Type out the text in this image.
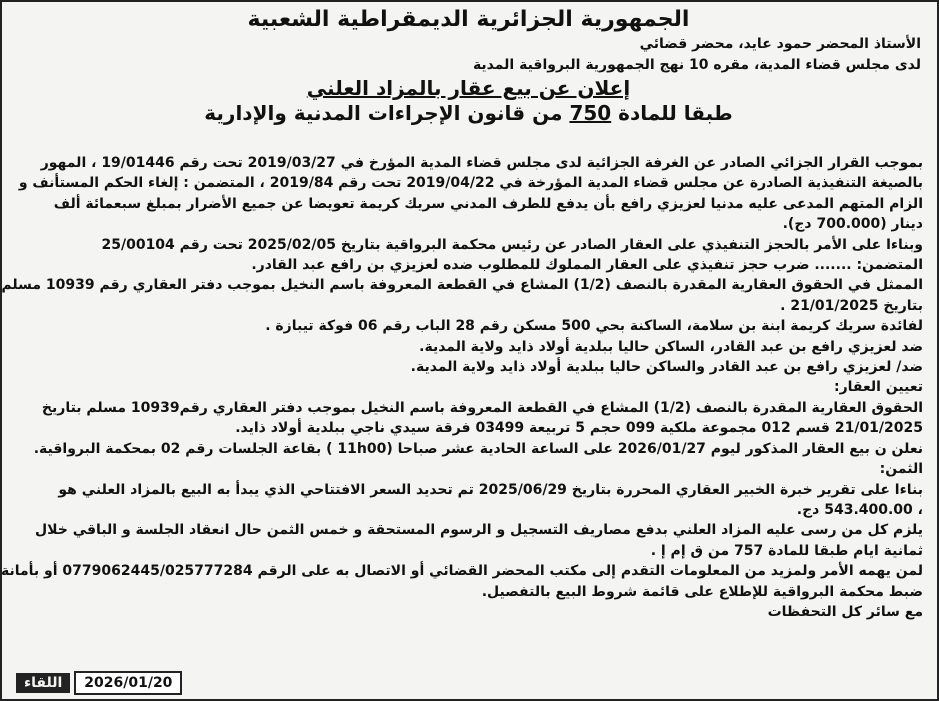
الجمهورية الجزائرية الديمقراطية الشعبية
الأستاذ المحضر حمود عايد، محضر قضائي
لدى مجلس قضاء المدية، مقره 10 نهج الجمهورية البرواقية المدية
إعلان عن بيع عقار بالمزاد العلني
طبقا للمادة 750 من قانون الإجراءات المدنية والإدارية
بموجب القرار الجزائي الصادر عن الغرفة الجزائية لدى مجلس قضاء المدية المؤرخ في 2019/03/27 تحت رقم 19/01446 ، المهور
بالصيغة التنفيذية الصادرة عن مجلس قضاء المدية المؤرخة في 2019/04/22 تحت رقم 2019/84 ، المتضمن : إلغاء الحكم المستأنف و
الزام المتهم المدعى عليه مدنيا لعزيزي رافع بأن يدفع للطرف المدني سريك كريمة تعويضا عن جميع الأضرار بمبلغ سبعمائة ألف
دينار (700.000 دج).
وبناءا على الأمر بالحجز التنفيذي على العقار الصادر عن رئيس محكمة البرواقية بتاريخ 2025/02/05 تحت رقم 25/00104
المتضمن: ....... ضرب حجز تنفيذي على العقار المملوك للمطلوب ضده لعزيزي بن رافع عبد القادر.
الممثل في الحقوق العقارية المقدرة بالنصف (1/2) المشاع في القطعة المعروفة باسم النخيل بموجب دفتر العقاري رقم 10939 مسلم
بتاريخ 21/01/2025 .
لفائدة سريك كريمة ابنة بن سلامة، الساكنة بحي 500 مسكن رقم 28 الباب رقم 06 فوكة تيبازة .
ضد لعزيزي رافع بن عبد القادر، الساكن حاليا ببلدية أولاد ذايد ولاية المدية.
ضد/ لعزيزي رافع بن عبد القادر والساكن حاليا ببلدية أولاد ذايد ولاية المدية.
تعيين العقار:
الحقوق العقارية المقدرة بالنصف (1/2) المشاع في القطعة المعروفة باسم النخيل بموجب دفتر العقاري رقم10939 مسلم بتاريخ
21/01/2025 قسم 012 مجموعة ملكية 099 حجم 5 تربيعة 03499 فرقة سيدي ناجي ببلدية أولاد ذايد.
نعلن ن بيع العقار المذكور ليوم 2026/01/27 على الساعة الحادية عشر صباحا (11h00 ) بقاعة الجلسات رقم 02 بمحكمة البرواقية.
الثمن:
بناءا على تقرير خبرة الخبير العقاري المحررة بتاريخ 2025/06/29 تم تحديد السعر الافتتاحي الذي يبدأ به البيع بالمزاد العلني هو
، 543.400.00 دج.
يلزم كل من رسى عليه المزاد العلني بدفع مصاريف التسجيل و الرسوم المستحقة و خمس الثمن حال انعقاد الجلسة و الباقي خلال
ثمانية ايام طبقا للمادة 757 من ق إم إ .
لمن يهمه الأمر ولمزيد من المعلومات التقدم إلى مكتب المحضر القضائي أو الاتصال به على الرقم 0779062445/025777284 أو بأمانة
ضبط محكمة البرواقية للإطلاع على قائمة شروط البيع بالتفصيل.
مع سائر كل التحفظات
اللقاء	2026/01/20
